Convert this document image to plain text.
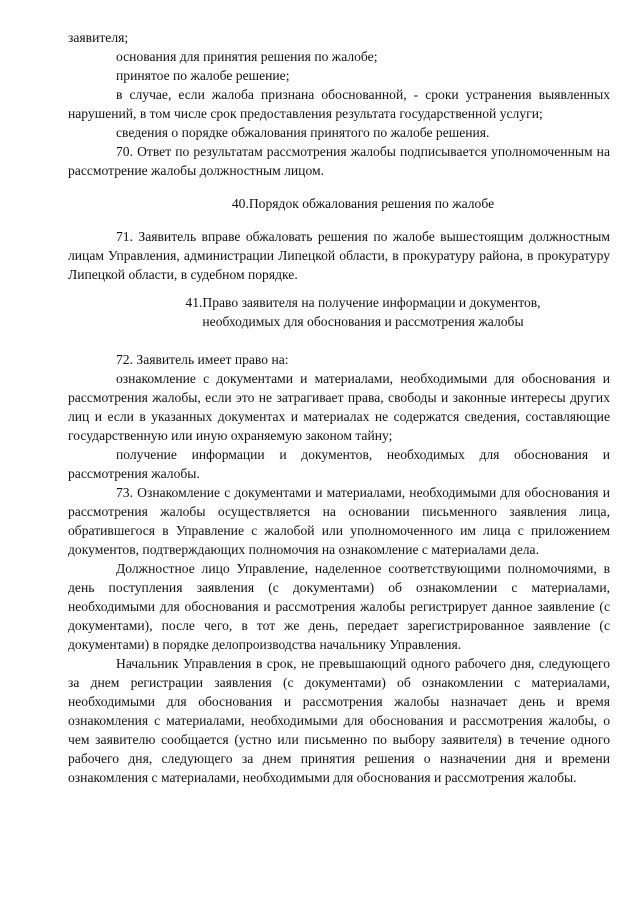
заявителя;

основания для принятия решения по жалобе;

принятое по жалобе решение;

в случае, если жалоба признана обоснованной, - сроки устранения выявленных нарушений, в том числе срок предоставления результата государственной услуги;

сведения о порядке обжалования принятого по жалобе решения.

70. Ответ по результатам рассмотрения жалобы подписывается уполномоченным на рассмотрение жалобы должностным лицом.

40.Порядок обжалования решения по жалобе

71. Заявитель вправе обжаловать решения по жалобе вышестоящим должностным лицам Управления, администрации Липецкой области, в прокуратуру района, в прокуратуру Липецкой области, в судебном порядке.

41.Право заявителя на получение информации и документов,

необходимых для обоснования и рассмотрения жалобы

72. Заявитель имеет право на:

ознакомление с документами и материалами, необходимыми для обоснования и рассмотрения жалобы, если это не затрагивает права, свободы и законные интересы других лиц и если в указанных документах и материалах не содержатся сведения, составляющие государственную или иную охраняемую законом тайну;

получение информации и документов, необходимых для обоснования и рассмотрения жалобы.

73. Ознакомление с документами и материалами, необходимыми для обоснования и рассмотрения жалобы осуществляется на основании письменного заявления лица, обратившегося в Управление с жалобой или уполномоченного им лица с приложением документов, подтверждающих полномочия на ознакомление с материалами дела.

Должностное лицо Управление, наделенное соответствующими полномочиями, в день поступления заявления (с документами) об ознакомлении с материалами, необходимыми для обоснования и рассмотрения жалобы регистрирует данное заявление (с документами), после чего, в тот же день, передает зарегистрированное заявление (с документами) в порядке делопроизводства начальнику Управления.

Начальник Управления в срок, не превышающий одного рабочего дня, следующего за днем регистрации заявления (с документами) об ознакомлении с материалами, необходимыми для обоснования и рассмотрения жалобы назначает день и время ознакомления с материалами, необходимыми для обоснования и рассмотрения жалобы, о чем заявителю сообщается (устно или письменно по выбору заявителя) в течение одного рабочего дня, следующего за днем принятия решения о назначении дня и времени ознакомления с материалами, необходимыми для обоснования и рассмотрения жалобы.
